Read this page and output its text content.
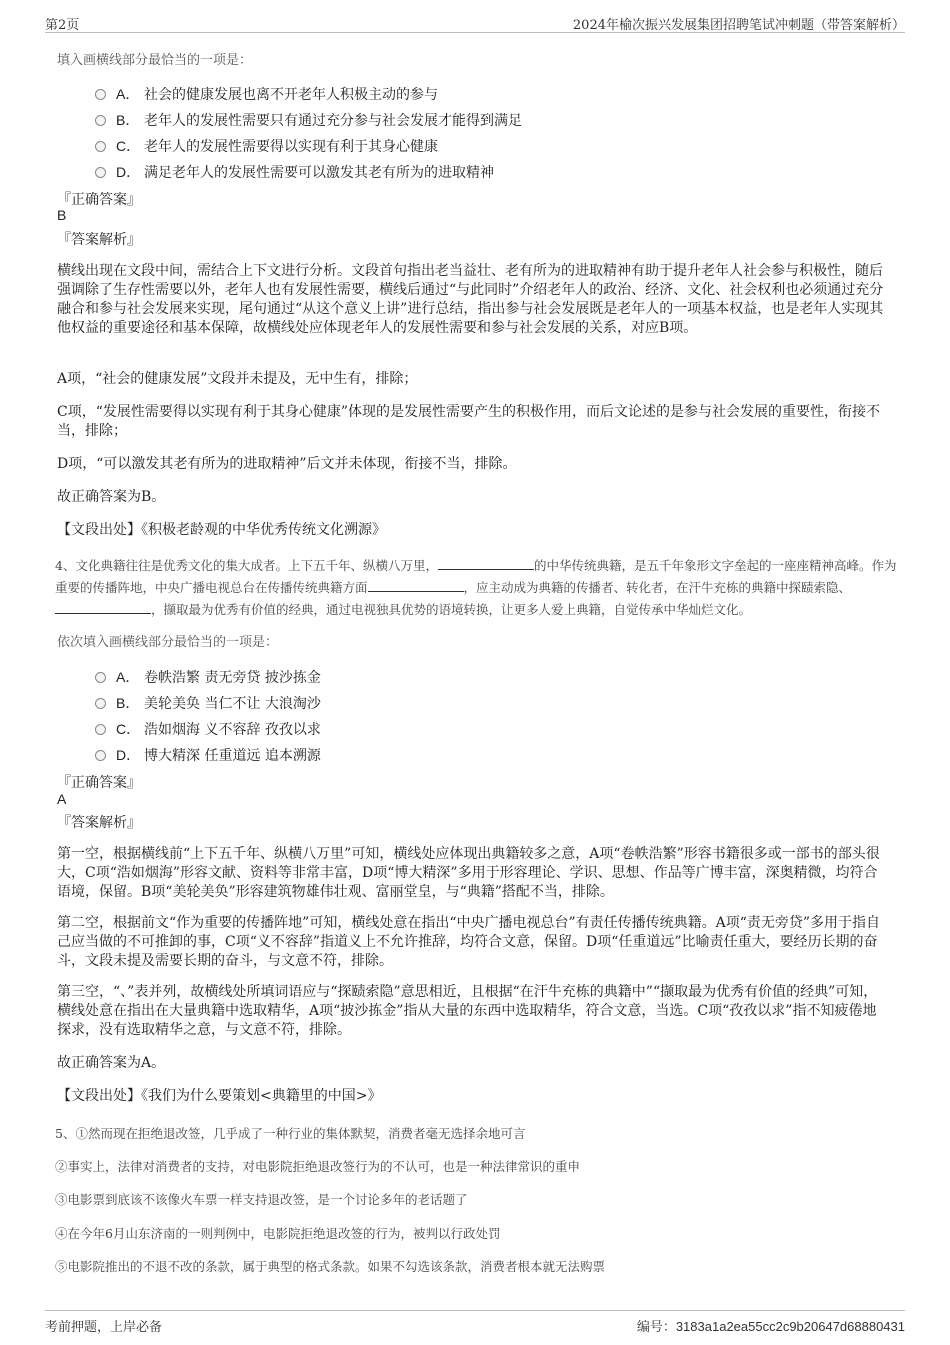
第2页	2024年榆次振兴发展集团招聘笔试冲刺题（带答案解析）
填入画横线部分最恰当的一项是：
A． 社会的健康发展也离不开老年人积极主动的参与
B． 老年人的发展性需要只有通过充分参与社会发展才能得到满足
C． 老年人的发展性需要得以实现有利于其身心健康
D． 满足老年人的发展性需要可以激发其老有所为的进取精神
『正确答案』
B
『答案解析』
横线出现在文段中间，需结合上下文进行分析。文段首句指出老当益壮、老有所为的进取精神有助于提升老年人社会参与积极性，随后强调除了生存性需要以外，老年人也有发展性需要，横线后通过“与此同时”介绍老年人的政治、经济、文化、社会权利也必须通过充分融合和参与社会发展来实现，尾句通过“从这个意义上讲”进行总结，指出参与社会发展既是老年人的一项基本权益，也是老年人实现其他权益的重要途径和基本保障，故横线处应体现老年人的发展性需要和参与社会发展的关系，对应B项。
A项，“社会的健康发展”文段并未提及，无中生有，排除；
C项，“发展性需要得以实现有利于其身心健康”体现的是发展性需要产生的积极作用，而后文论述的是参与社会发展的重要性，衔接不当，排除；
D项，“可以激发其老有所为的进取精神”后文并未体现，衔接不当，排除。
故正确答案为B。
【文段出处】《积极老龄观的中华优秀传统文化溯源》
4、文化典籍往往是优秀文化的集大成者。上下五千年、纵横八万里，	的中华传统典籍，是五千年象形文字垒起的一座座精神高峰。作为重要的传播阵地，中央广播电视总台在传播传统典籍方面	，应主动成为典籍的传播者、转化者，在汗牛充栋的典籍中探赜索隐、，撷取最为优秀有价值的经典，通过电视独具优势的语境转换，让更多人爱上典籍，自觉传承中华灿烂文化。
依次填入画横线部分最恰当的一项是：
A． 卷帙浩繁 责无旁贷 披沙拣金
B． 美轮美奂 当仁不让 大浪淘沙
C． 浩如烟海 义不容辞 孜孜以求
D． 博大精深 任重道远 追本溯源
『正确答案』
A
『答案解析』
第一空，根据横线前“上下五千年、纵横八万里”可知，横线处应体现出典籍较多之意，A项“卷帙浩繁”形容书籍很多或一部书的部头很大，C项“浩如烟海”形容文献、资料等非常丰富，D项“博大精深”多用于形容理论、学识、思想、作品等广博丰富，深奥精微，均符合语境，保留。B项“美轮美奂”形容建筑物雄伟壮观、富丽堂皇，与“典籍”搭配不当，排除。
第二空，根据前文“作为重要的传播阵地”可知，横线处意在指出“中央广播电视总台”有责任传播传统典籍。A项“责无旁贷”多用于指自己应当做的不可推卸的事，C项“义不容辞”指道义上不允许推辞，均符合文意，保留。D项“任重道远”比喻责任重大，要经历长期的奋斗，文段未提及需要长期的奋斗，与文意不符，排除。
第三空，“、”表并列，故横线处所填词语应与“探赜索隐”意思相近，且根据“在汗牛充栋的典籍中”“撷取最为优秀有价值的经典”可知，横线处意在指出在大量典籍中选取精华，A项“披沙拣金”指从大量的东西中选取精华，符合文意，当选。C项“孜孜以求”指不知疲倦地探求，没有选取精华之意，与文意不符，排除。
故正确答案为A。
【文段出处】《我们为什么要策划<典籍里的中国>》
5、①然而现在拒绝退改签，几乎成了一种行业的集体默契，消费者毫无选择余地可言
②事实上，法律对消费者的支持，对电影院拒绝退改签行为的不认可，也是一种法律常识的重申
③电影票到底该不该像火车票一样支持退改签，是一个讨论多年的老话题了
④在今年6月山东济南的一则判例中，电影院拒绝退改签的行为，被判以行政处罚
⑤电影院推出的不退不改的条款，属于典型的格式条款。如果不勾选该条款，消费者根本就无法购票
考前押题，上岸必备	编号：3183a1a2ea55cc2c9b20647d68880431
